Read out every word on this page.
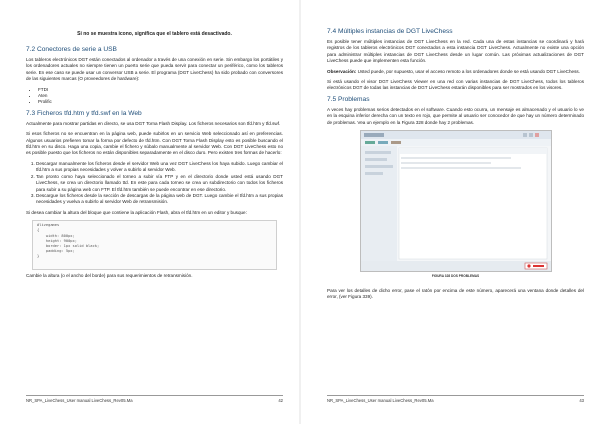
Si no se muestra icono, significa que el tablero está desactivado.
7.2 Conectores de serie a USB

Los tableros electrónicos DGT están conectados al ordenador a través de una conexión en serie. Sin embargo los portátiles y los ordenadores actuales no siempre tienen un puerto serie que pueda servir para conectar un periférico, como los tableros serie. En ese caso se puede usar un conversor USB a serie. El programa (DGT LiveChess) ha sido probado con conversores de las siguientes marcas (O proveedores de hardware):

• FTDI
• Aten
• Prolific
7.3 Ficheros tfd.htm y tfd.swf en la Web

Actualmente para mostrar partidas en directo, se usa DGT Torna Flash Display. Los ficheros necesarios son tfd.htm y tfd.swf.

Si esos ficheros no se encuentran en la página web, puede subirlos en un servicio Web seleccionado así en preferencias. Algunos usuarios prefieren tomar la forma por defecto de tfd.htm. Con DGT Torna Flash Display esto es posible buscando el tfd.htm en su disco. Haga una copia, cambie el fichero y súbalo manualmente al servidor Web. Con DGT LiveChess esto no es posible puesto que los ficheros no están disponibles separadamente en el disco duro. Pero existen tres formas de hacerlo:

1. Descargar manualmente los ficheros desde el servidor Web una vez DGT LiveChess los haya subido. Luego cambiar el tfd.htm a sus propias necesidades y volver a subirlo al servidor Web.
2. Tan pronto como haya seleccionado el torneo a subir vía FTP y en el directorio donde usted está usando DGT LiveChess, se crea un directorio llamado ttd. En este para cada torneo se crea un subdirectorio con todos los ficheros para subir a su página web con FTP. El tfd.htm también se puede encontrar en ese directorio.
3. Descargue los ficheros desde la sección de descargas de la página web de DGT. Luego cambie el tfd.htm a sus propias necesidades y vuelva a subirlo al servidor Web de retransmisión.

Si desea cambiar la altura del bloque que contiene la aplicación Flash, abra el tfd.htm en un editor y busque:

#livegames
{
width: 800px;
height: 900px;
border: 1px solid black;
padding: 5px;
}

Cambie la altura (o el ancho del borde) para sus requerimientos de retransmisión.

NR_SPA_LiveChess_User manual LiveChess_Rev05.Ma	42
7.4 Múltiples instancias de DGT LiveChess

Es posible tener múltiples instancias de DGT LiveChess en la red. Cada una de estas instancias se coordinará y hará registros de los tableros electrónicos DGT conectados a esta instancia DGT LiveChess. Actualmente no existe una opción para administrar múltiples instancias de DGT LiveChess desde un lugar común. Las próximas actualizaciones de DGT LiveChess puede que implementen esta función.

Observación: Usted puede, por supuesto, usar el acceso remoto a los ordenadores donde se está usando DGT LiveChess.

Si está usando el visor DGT LiveChess Viewer en una red con varias instancias de DGT LiveChess, todos los tableros electrónicos DGT de todas las instancias de DGT LiveChess estarán disponibles para ser mostrados en los visores.

7.5 Problemas

A veces hay problemas serios detectados en el software. Cuando esto ocurra, un mensaje es almacenado y el usuario lo ve en la esquina inferior derecha con un texto en rojo, que permite al usuario ser conocedor de que hay un número determinado de problemas. Vea un ejemplo en la Figura 328 donde hay 2 problemas.

FIGURA 328 DOS PROBLEMAS

Para ver los detalles de dicho error, pase el ratón por encima de este número, aparecerá una ventana donde detalles del error, (ver Figura 339).

NR_SPA_LiveChess_User manual LiveChess_Rev05.Ma	43
